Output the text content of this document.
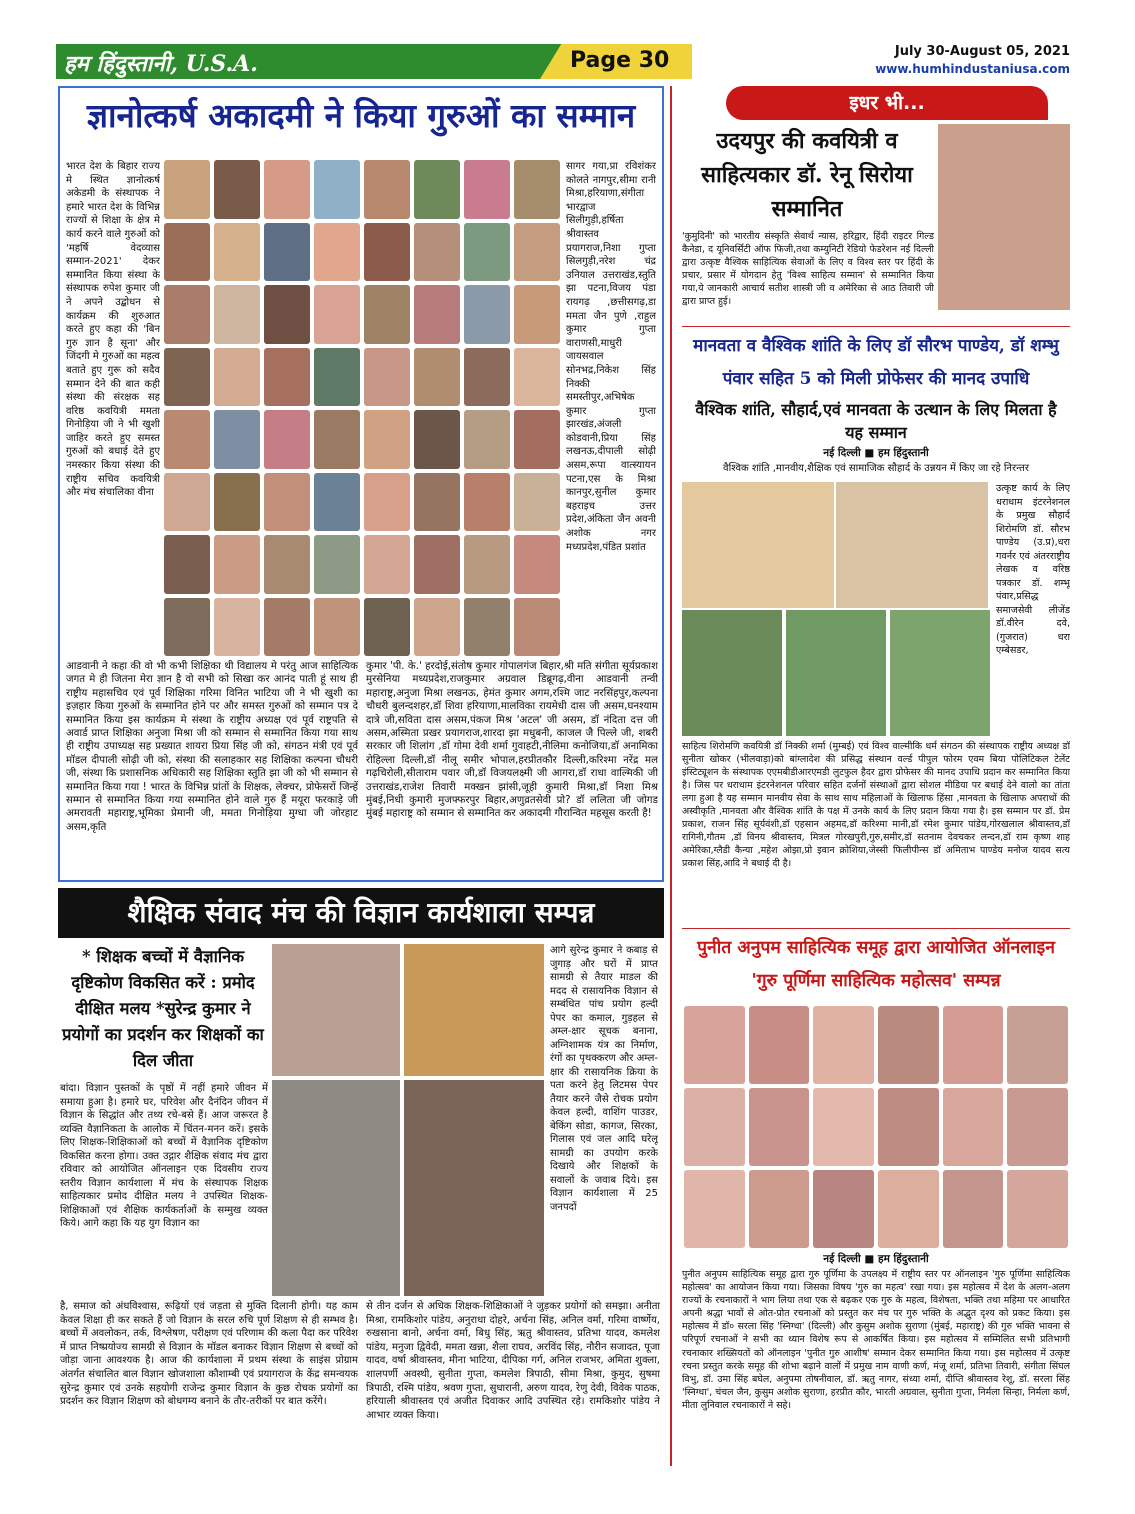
हम हिंदुस्तानी, U.S.A.	Page 30	July 30-August 05, 2021
www.humhindustaniusa.com
ज्ञानोत्कर्ष अकादमी ने किया गुरुओं का सम्मान
भारत देश के बिहार राज्य मे स्थित ज्ञानोत्कर्ष अकेडमी के संस्थापक ने हमारे भारत देश के विभिन्न राज्यों से शिक्षा के क्षेत्र मे कार्य करने वाले गुरुओं को 'महर्षि वेदव्यास सम्मान-2021' देकर सम्मानित किया संस्था के संस्थापक रुपेश कुमार जी ने अपने उद्बोधन से कार्यक्रम की शुरुआत करते हुए कहा की 'बिन गुरु ज्ञान है सूना' और जिंदगी मे गुरुओं का महत्व बताते हुए गुरू को सदैव सम्मान देने की बात कही संस्था की संरक्षक सह वरिष्ठ कवयित्री ममता गिनोड़िया जी ने भी खुशी जाहिर करते हुए समस्त गुरुओं को बधाई देते हुए नमस्कार किया संस्था की राष्ट्रीय सचिव कवयित्री और मंच संचालिका वीना
सागर गया,प्रा रविशंकर कोलते नागपुर,सीमा रानी मिश्रा,हरियाणा,संगीता भारद्वाज सिलीगुड़ी,हर्षिता श्रीवास्तव प्रयागराज,निशा गुप्ता सिलगुड़ी,नरेश चंद्र उनियाल उत्तराखंड,स्तुति झा पटना,विजय पंडा रायगढ़ ,छत्तीसगढ़,डा ममता जैन पुणे ,राहुल कुमार गुप्ता वाराणसी,माधुरी जायसवाल सोनभद्र,निकेश सिंह निक्की समस्तीपुर,अभिषेक कुमार गुप्ता झारखंड,अंजली कोडवानी,प्रिया सिंह लखनऊ,दीपाली सोढ़ी असम,रूपा वात्स्यायन पटना,एस के मिश्रा कानपुर,सुनील कुमार बहराइच उत्तर प्रदेश,अंकिता जैन अवनी अशोक नगर मध्यप्रदेश,पंडित प्रशांत
आडवानी ने कहा की वो भी कभी शिक्षिका थी विद्यालय मे परंतु आज साहित्यिक जगत मे ही जितना मेरा ज्ञान है वो सभी को सिखा कर आनंद पाती हूं साथ ही राष्ट्रीय महासचिव एवं पूर्व शिक्षिका गरिमा विनित भाटिया जी ने भी खुशी का इज़हार किया गुरुओं के सम्मानित होने पर और समस्त गुरुओं को सम्मान पत्र दे सम्मानित किया इस कार्यक्रम मे संस्था के राष्ट्रीय अध्यक्ष एवं पूर्व राष्ट्रपति से अवार्ड प्राप्त शिक्षिका अनुजा मिश्रा जी को सम्मान से सम्मानित किया गया साथ ही राष्ट्रीय उपाध्यक्ष सह प्रख्यात शायरा प्रिया सिंह जी को, संगठन मंत्री एवं पूर्व मॉडल दीपाली सोढ़ी जी को, संस्था की सलाहकार सह शिक्षिका कल्पना चौधरी जी, संस्था कि प्रशासनिक अधिकारी सह शिक्षिका स्तुति झा जी को भी सम्मान से सम्मानित किया गया ! भारत के विभिन्न प्रांतों के शिक्षक, लेक्चर, प्रोफेसरों जिन्हें सम्मान से सम्मानित किया गया सम्मानित होने वाले गुरु हैं मयूरा फरकाडे़ जी अमरावती महाराष्ट्र,भूमिका प्रेमानी जी, ममता गिनोड़िया मुग्धा जी जोरहाट असम,कृति
कुमार 'पी. के.' हरदोई,संतोष कुमार गोपालगंज बिहार,श्री मति संगीता सूर्यप्रकाश मुरसेनिया मध्यप्रदेश,राजकुमार अग्रवाल डिब्रूगढ़,वीना आडवानी तन्वी महाराष्ट्र,अनुजा मिश्रा लखनऊ, हेमंत कुमार अगम,रश्मि जाट नरसिंहपुर,कल्पना चौधरी बुलन्दशहर,डॉ शिवा हरियाणा,मालविका रायमेधी दास जी असम,घनश्याम दात्रे जी,सविता दास असम,पंकज मिश्र 'अटल' जी असम, डॉ नंदिता दत्त जी असम,अस्मिता प्रखर प्रयागराज,शारदा झा मधुबनी, काजल जै पिल्ले जी, शबरी सरकार जी शिलांग ,डॉ गोमा देवी शर्मा गुवाहटी,नीलिमा कनोजिया,डॉ अनामिका रोहिल्ला दिल्ली,डॉ नीलू समीर भोपाल,हरप्रीतकौर दिल्ली,करिश्मा नरेंद्र मल गढ़चिरोली,सीताराम पवार जी,डॉ विजयलक्ष्मी जी आगरा,डॉ राधा वाल्मिकी जी उत्तराखंड,राजेश तिवारी मक्खन झांसी,जूही कुमारी मिश्रा,डॉ निशा मिश्र मुंबई,निधी कुमारी मुजफ्फरपुर बिहार,अणुव्रतसेवी प्रो? डॉ ललिता जी जोगड मुंबई महाराष्ट्र को सम्मान से सम्मानित कर अकादमी गौरान्वित महसूस करती है!
शैक्षिक संवाद मंच की विज्ञान कार्यशाला सम्पन्न
* शिक्षक बच्चों में वैज्ञानिक दृष्टिकोण विकसित करें : प्रमोद दीक्षित मलय *सुरेन्द्र कुमार ने प्रयोगों का प्रदर्शन कर शिक्षकों का दिल जीता
बांदा। विज्ञान पुस्तकों के पृष्ठों में नहीं हमारे जीवन में समाया हुआ है। हमारे घर, परिवेश और दैनंदिन जीवन में विज्ञान के सिद्धांत और तथ्य रचे-बसे हैं। आज जरूरत है व्यक्ति वैज्ञानिकता के आलोक में चिंतन-मनन करें। इसके लिए शिक्षक-शिक्षिकाओं को बच्चों में वैज्ञानिक दृष्टिकोण विकसित करना होगा। उक्त उद्गार शैक्षिक संवाद मंच द्वारा रविवार को आयोजित ऑनलाइन एक दिवसीय राज्य स्तरीय विज्ञान कार्यशाला में मंच के संस्थापक शिक्षक साहित्यकार प्रमोद दीक्षित मलय ने उपस्थित शिक्षक-शिक्षिकाओं एवं शैक्षिक कार्यकर्ताओं के सम्मुख व्यक्त किये। आगे कहा कि यह युग विज्ञान का
आगे सुरेन्द्र कुमार ने कबाड़ से जुगाड़ और घरों में प्राप्त सामग्री से तैयार माडल की मदद से रासायनिक विज्ञान से सम्बंधित पांच प्रयोग हल्दी पेपर का कमाल, गुड़हल से अम्ल-क्षार सूचक बनाना, अग्निशामक यंत्र का निर्माण, रंगों का पृथक्करण और अम्ल-क्षार की रासायनिक क्रिया के पता करने हेतु लिटमस पेपर तैयार करने जैसे रोचक प्रयोग केवल हल्दी, वाशिंग पाउडर, बेकिंग सोडा, कागज, सिरका, गिलास एवं जल आदि घरेलू सामग्री का उपयोग करके दिखाये और शिक्षकों के सवालों के जवाब दिये। इस विज्ञान कार्यशाला में 25 जनपदों
है, समाज को अंधविश्वास, रूढ़ियों एवं जड़ता से मुक्ति दिलानी होगी। यह काम केवल शिक्षा ही कर सकते हैं जो विज्ञान के सरल रुचि पूर्ण शिक्षण से ही सम्भव है। बच्चों में अवलोकन, तर्क, विश्लेषण, परीक्षण एवं परिणाम की कला पैदा कर परिवेश में प्राप्त निष्प्रयोज्य सामग्री से विज्ञान के मॉडल बनाकर विज्ञान शिक्षण से बच्चों को जोड़ा जाना आवश्यक है। आज की कार्यशाला में प्रथम संस्था के साइंस प्रोग्राम अंतर्गत संचालित बाल विज्ञान खोजशाला कौशाम्बी एवं प्रयागराज के केंद्र समन्वयक सुरेन्द्र कुमार एवं उनके सहयोगी राजेन्द्र कुमार विज्ञान के कुछ रोचक प्रयोगों का प्रदर्शन कर विज्ञान शिक्षण को बोधगम्य बनाने के तौर-तरीकों पर बात करेंगे।
से तीन दर्जन से अधिक शिक्षक-शिक्षिकाओं ने जुड़कर प्रयोगों को समझा। अनीता मिश्रा, रामकिशोर पांडेय, अनुराधा दोहरे, अर्चना सिंह, अनिल वर्मा, गरिमा वार्ष्णेय, रुखसाना बानो, अर्चना वर्मा, बिधु सिंह, ऋतु श्रीवास्तव, प्रतिभा यादव, कमलेश पांडेय, मनुजा द्विवेदी, ममता खन्ना, शैला राघव, अरविंद सिंह, नौरीन सजादत, पूजा यादव, वर्षा श्रीवास्तव, मीना भाटिया, दीपिका गर्ग, अनिल राजभर, अमिता शुक्ला, शालपर्णी अवस्थी, सुनीता गुप्ता, कमलेश त्रिपाठी, सीमा मिश्रा, कुमुद, सुषमा त्रिपाठी, रश्मि पांडेय, श्रवण गुप्ता, सुधारानी, अरुण यादव, रेणु देवी, विवेक पाठक, हरियाली श्रीवास्तव एवं अजीत दिवाकर आदि उपस्थित रहे। रामकिशोर पांडेय ने आभार व्यक्त किया।
इधर भी...
उदयपुर की कवयित्री व साहित्यकार डॉ. रेनू सिरोया सम्मानित
'कुमुदिनी' को भारतीय संस्कृति सेवार्थ न्यास, हरिद्वार, हिंदी राइटर गिल्ड कैनेडा, द यूनिवर्सिटी ऑफ फिजी,तथा कम्युनिटी रेडियो फेडरेशन नई दिल्ली द्वारा उत्कृष्ट वैश्विक साहित्यिक सेवाओं के लिए व विश्व स्तर पर हिंदी के प्रचार, प्रसार में योगदान हेतु 'विश्व साहित्य सम्मान' से सम्मानित किया गया,ये जानकारी आचार्य सतीश शास्त्री जी व अमेरिका से आठ तिवारी जी द्वारा प्राप्त हुई।
मानवता व वैश्विक शांति के लिए डॉ सौरभ पाण्डेय, डॉ शम्भु पंवार सहित 5 को मिली प्रोफेसर की मानद उपाधि
वैश्विक शांति, सौहार्द,एवं मानवता के उत्थान के लिए मिलता है यह सम्मान
नई दिल्ली ■ हम हिंदुस्तानी
वैश्विक शांति ,मानवीय,शैक्षिक एवं सामाजिक सौहार्द के उन्नयन में किए जा रहे निरन्तर
उत्कृष्ट कार्य के लिए धराधाम इंटरनेशनल के प्रमुख सौहार्द शिरोमणि डॉ. सौरभ पाण्डेय (उ.प्र),धरा गवर्नर एवं अंतरराष्ट्रीय लेखक व वरिष्ठ पत्रकार डॉ. शम्भू पंवार,प्रसिद्ध समाजसेवी लीजेंड डॉ.वीरेन दवे,(गुजरात) धरा एम्बेसडर,
साहित्य शिरोमणि कवयित्री डॉ निक्की शर्मा (मुम्बई) एवं विश्व वाल्मीकि धर्म संगठन की संस्थापक राष्ट्रीय अध्यक्ष डॉ सुनीता खोकर (भीलवाड़ा)को बांग्लादेश की प्रसिद्ध संस्थान वर्ल्ड पीपुल फोरम एवम बिया पोलिटिकल टेलेंट इंस्टिट्यूशन के संस्थापक एएमबीडीआरएमडी लुटफुल हैदर द्वारा प्रोफेसर की मानद उपाधि प्रदान कर सम्मानित किया है। जिस पर धराधाम इंटरनेशनल परिवार सहित दर्जनों संस्थाओं द्वारा सोशल मीडिया पर बधाई देने वालो का तांता लगा हुआ है यह सम्मान मानवीय सेवा के साथ साथ महिलाओं के खिलाफ हिंसा ,मानवता के खिलाफ अपराधों की अस्वीकृति ,मानवता और वैश्विक शांति के पक्ष में उनके कार्य के लिए प्रदान किया गया है। इस सम्मान पर डॉ. प्रेम प्रकाश, राजन सिंह सूर्यवंशी,डॉ एहसान अहमद,डॉ करिश्मा मानी,डॉ रमेश कुमार पांडेय,गोरखलाल श्रीवास्तव,डॉ रागिनी,गौतम ,डॉ विनय श्रीवास्तव, मित्रल गोरखपुरी,गुरु,समीर,डॉ सतनाम देवचकर लन्दन,डॉ राम कृष्ण शाह अमेरिका,ग्लैडी कैन्या ,महेश ओझा,प्रो इवान क्रोशिया,जेस्सी फिलीपीन्स डॉ अमिताभ पाण्डेय मनोज यादव सत्य प्रकाश सिंह,आदि ने बधाई दी है।
पुनीत अनुपम साहित्यिक समूह द्वारा आयोजित ऑनलाइन 'गुरु पूर्णिमा साहित्यिक महोत्सव' सम्पन्न
नई दिल्ली ■ हम हिंदुस्तानी
पुनीत अनुपम साहित्यिक समूह द्वारा गुरु पूर्णिमा के उपलक्ष्य में राष्ट्रीय स्तर पर ऑनलाइन 'गुरु पूर्णिमा साहित्यिक महोत्सव' का आयोजन किया गया। जिसका विषय 'गुरु का महत्व' रखा गया। इस महोत्सव में देश के अलग-अलग राज्यों के रचनाकारों ने भाग लिया तथा एक से बढ़कर एक गुरु के महत्व, विशेषता, भक्ति तथा महिमा पर आधारित अपनी श्रद्धा भावों से ओत-प्रोत रचनाओं को प्रस्तुत कर मंच पर गुरु भक्ति के अद्भुत दृश्य को प्रकट किया। इस महोत्सव में डॉ० सरला सिंह 'स्निग्धा' (दिल्ली) और कुसुम अशोक सुराणा (मुंबई, महाराष्ट्र) की गुरु भक्ति भावना से परिपूर्ण रचनाओं ने सभी का ध्यान विशेष रूप से आकर्षित किया। इस महोत्सव में सम्मिलित सभी प्रतिभागी रचनाकार शख्सियतों को ऑनलाइन 'पुनीत गुरु आशीष' सम्मान देकर सम्मानित किया गया। इस महोत्सव में उत्कृष्ट रचना प्रस्तुत करके समूह की शोभा बढ़ाने वालों में प्रमुख नाम वाणी कर्ण, मंजू शर्मा, प्रतिभा तिवारी, संगीता सिंघल विभु, डॉ. उमा सिंह बघेल, अनुपमा तोषनीवाल, डॉ. ऋतु नागर, संध्या शर्मा, दीप्ति श्रीवास्तव रेशू, डॉ. सरला सिंह 'स्निग्धा', चंचल जैन, कुसुम अशोक सुराणा, हरप्रीत कौर, भारती अग्रवाल, सुनीता गुप्ता, निर्मला सिन्हा, निर्मला कर्ण, मीता लुनिवाल रचनाकारों ने सहे।
